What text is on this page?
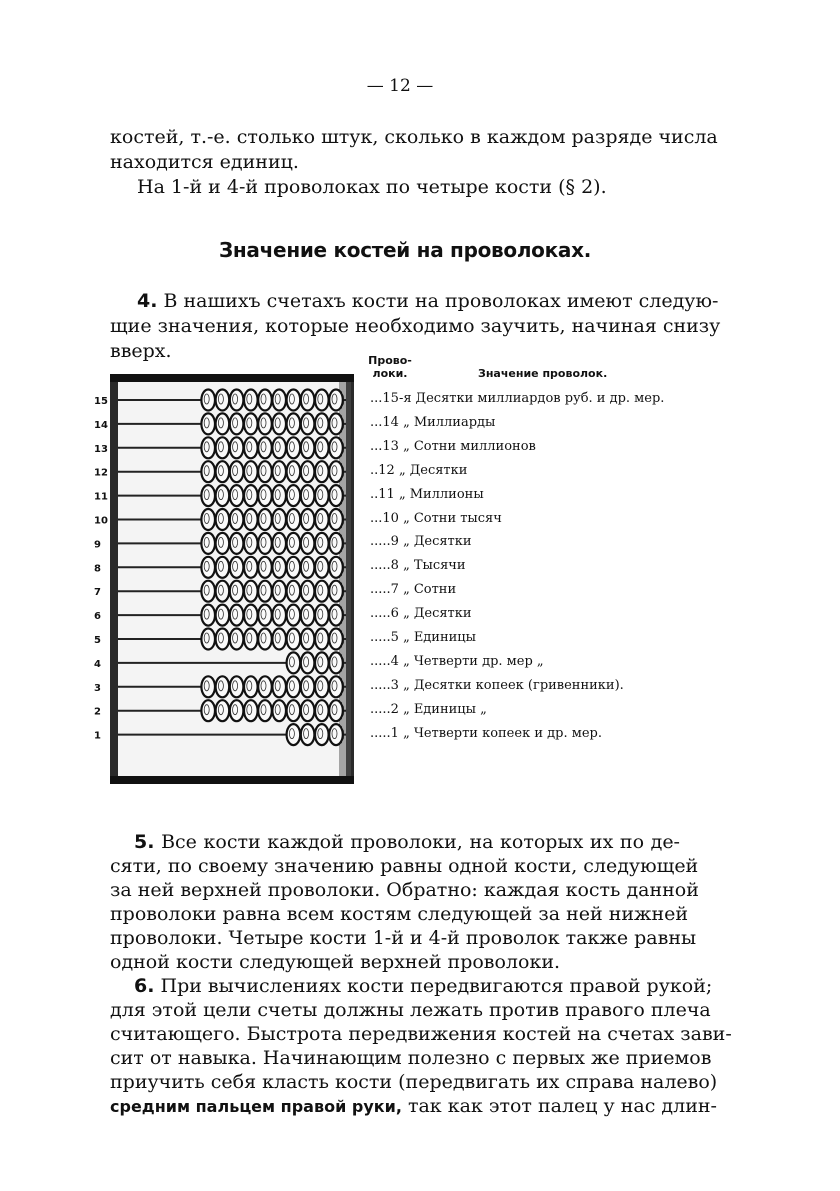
— 12 —
костей, т.-е. столько штук, сколько в каждом разряде числа
находится единиц.
На 1-й и 4-й проволоках по четыре кости (§ 2).
Значение костей на проволоках.
4. В нашихъ счетахъ кости на проволоках имеют следую-
щие значения, которые необходимо заучить, начиная снизу
вверх.	Прово-
локи.	Значение проволок.
15
14
13
12
11
10
9
8
7
6
5
4
3
2
1
...15-я Десятки миллиардов руб. и др. мер.
...14 „ Миллиарды
...13 „ Сотни миллионов
..12 „ Десятки
..11 „ Миллионы
...10 „ Сотни тысяч
.....9 „ Десятки
.....8 „ Тысячи
.....7 „ Сотни
.....6 „ Десятки
.....5 „ Единицы
.....4 „ Четверти др. мер „
.....3 „ Десятки копеек (гривенники).
.....2 „ Единицы „
.....1 „ Четверти копеек и др. мер.
5. Все кости каждой проволоки, на которых их по де-
сяти, по своему значению равны одной кости, следующей
за ней верхней проволоки. Обратно: каждая кость данной
проволоки равна всем костям следующей за ней нижней
проволоки. Четыре кости 1-й и 4-й проволок также равны
одной кости следующей верхней проволоки.
6. При вычислениях кости передвигаются правой рукой;
для этой цели счеты должны лежать против правого плеча
считающего. Быстрота передвижения костей на счетах зави-
сит от навыка. Начинающим полезно с первых же приемов
приучить себя класть кости (передвигать их справа налево)
средним пальцем правой руки, так как этот палец у нас длин-
